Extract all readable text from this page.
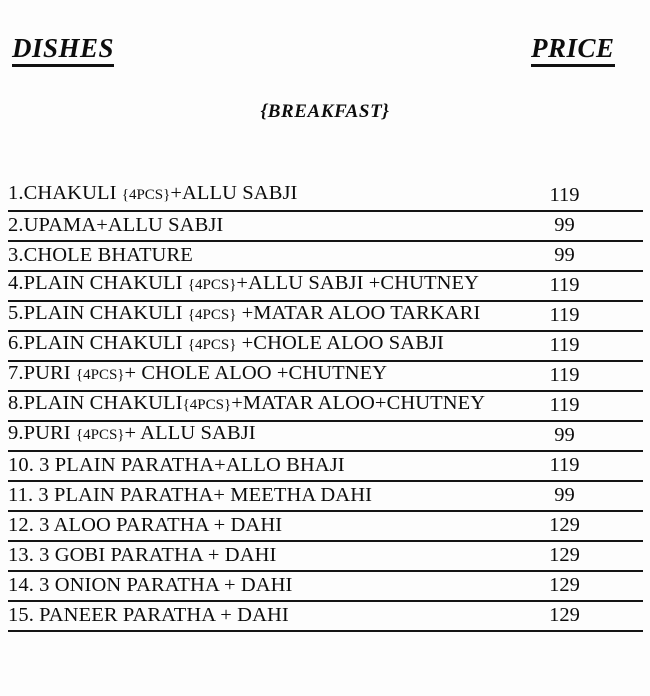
DISHES	PRICE
{BREAKFAST}
1.CHAKULI {4PCS}+ALLU SABJI	119
2.UPAMA+ALLU SABJI	99
3.CHOLE BHATURE	99
4.PLAIN CHAKULI {4PCS}+ALLU SABJI +CHUTNEY	119
5.PLAIN CHAKULI {4PCS} +MATAR ALOO TARKARI	119
6.PLAIN CHAKULI {4PCS} +CHOLE ALOO SABJI	119
7.PURI {4PCS}+ CHOLE ALOO +CHUTNEY	119
8.PLAIN CHAKULI{4PCS}+MATAR ALOO+CHUTNEY	119
9.PURI {4PCS}+ ALLU SABJI	99
10. 3 PLAIN PARATHA+ALLO BHAJI	119
11. 3 PLAIN PARATHA+ MEETHA DAHI	99
12. 3 ALOO PARATHA + DAHI	129
13. 3 GOBI PARATHA + DAHI	129
14. 3 ONION PARATHA + DAHI	129
15. PANEER PARATHA + DAHI	129
